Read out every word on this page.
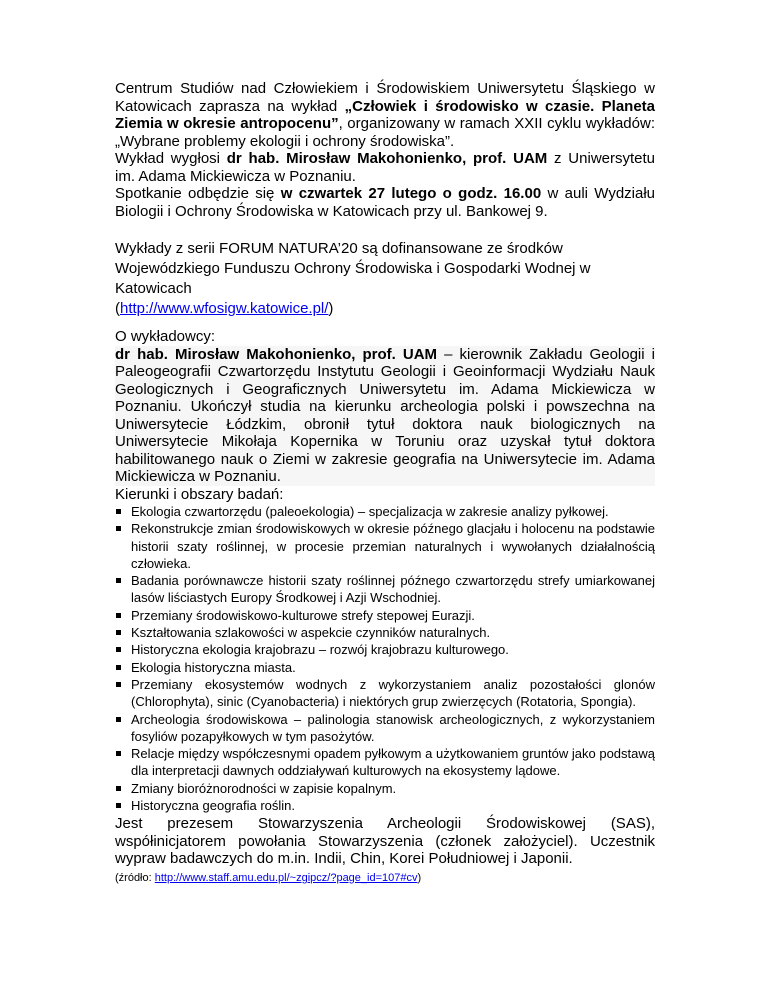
Centrum Studiów nad Człowiekiem i Środowiskiem Uniwersytetu Śląskiego w Katowicach zaprasza na wykład „Człowiek i środowisko w czasie. Planeta Ziemia w okresie antropocenu”, organizowany w ramach XXII cyklu wykładów: „Wybrane problemy ekologii i ochrony środowiska”.

Wykład wygłosi dr hab. Mirosław Makohonienko, prof. UAM z Uniwersytetu im. Adama Mickiewicza w Poznaniu.

Spotkanie odbędzie się w czwartek 27 lutego o godz. 16.00 w auli Wydziału Biologii i Ochrony Środowiska w Katowicach przy ul. Bankowej 9.

Wykłady z serii FORUM NATURA’20 są dofinansowane ze środków Wojewódzkiego Funduszu Ochrony Środowiska i Gospodarki Wodnej w Katowicach
(http://www.wfosigw.katowice.pl/)

O wykładowcy:

dr hab. Mirosław Makohonienko, prof. UAM – kierownik Zakładu Geologii i Paleogeografii Czwartorzędu Instytutu Geologii i Geoinformacji Wydziału Nauk Geologicznych i Geograficznych Uniwersytetu im. Adama Mickiewicza w Poznaniu. Ukończył studia na kierunku archeologia polski i powszechna na Uniwersytecie Łódzkim, obronił tytuł doktora nauk biologicznych na Uniwersytecie Mikołaja Kopernika w Toruniu oraz uzyskał tytuł doktora habilitowanego nauk o Ziemi w zakresie geografia na Uniwersytecie im. Adama Mickiewicza w Poznaniu.

Kierunki i obszary badań:

Ekologia czwartorzędu (paleoekologia) – specjalizacja w zakresie analizy pyłkowej.
Rekonstrukcje zmian środowiskowych w okresie późnego glacjału i holocenu na podstawie historii szaty roślinnej, w procesie przemian naturalnych i wywołanych działalnością człowieka.
Badania porównawcze historii szaty roślinnej późnego czwartorzędu strefy umiarkowanej lasów liściastych Europy Środkowej i Azji Wschodniej.
Przemiany środowiskowo-kulturowe strefy stepowej Eurazji.
Kształtowania szlakowości w aspekcie czynników naturalnych.
Historyczna ekologia krajobrazu – rozwój krajobrazu kulturowego.
Ekologia historyczna miasta.
Przemiany ekosystemów wodnych z wykorzystaniem analiz pozostałości glonów (Chlorophyta), sinic (Cyanobacteria) i niektórych grup zwierzęcych (Rotatoria, Spongia).
Archeologia środowiskowa – palinologia stanowisk archeologicznych, z wykorzystaniem fosyliów pozapyłkowych w tym pasożytów.
Relacje między współczesnymi opadem pyłkowym a użytkowaniem gruntów jako podstawą dla interpretacji dawnych oddziaływań kulturowych na ekosystemy lądowe.
Zmiany bioróżnorodności w zapisie kopalnym.
Historyczna geografia roślin.

Jest prezesem Stowarzyszenia Archeologii Środowiskowej (SAS), współinicjatorem powołania Stowarzyszenia (członek założyciel). Uczestnik wypraw badawczych do m.in. Indii, Chin, Korei Południowej i Japonii.

(źródło: http://www.staff.amu.edu.pl/~zgipcz/?page_id=107#cv)
